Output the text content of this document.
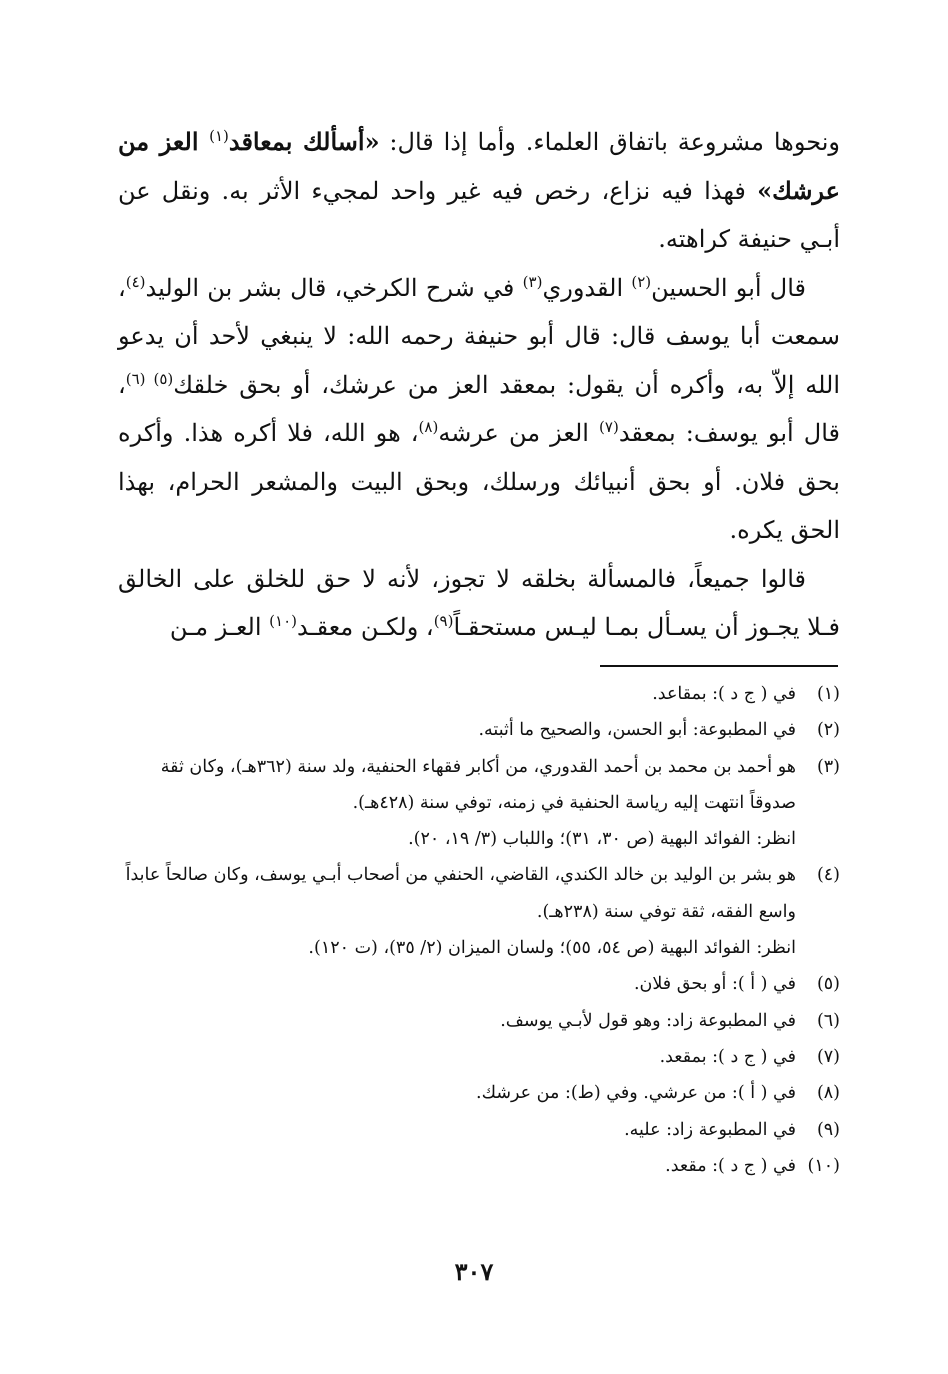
ونحوها مشروعة باتفاق العلماء. وأما إذا قال: «أسألك بمعاقد$^{(١)}$ العز من عرشك» فهذا فيه نزاع، رخص فيه غير واحد لمجيء الأثر به. ونقل عن أبـي حنيفة كراهته.

قال أبو الحسين$^{(٢)}$ القدوري$^{(٣)}$ في شرح الكرخي، قال بشر بن الوليد$^{(٤)}$، سمعت أبا يوسف قال: قال أبو حنيفة رحمه الله: لا ينبغي لأحد أن يدعو الله إلاّ به، وأكره أن يقول: بمعقد العز من عرشك، أو بحق خلقك$^{(٥)}$ $^{(٦)}$، قال أبو يوسف: بمعقد$^{(٧)}$ العز من عرشه$^{(٨)}$، هو الله، فلا أكره هذا. وأكره بحق فلان. أو بحق أنبيائك ورسلك، وبحق البيت والمشعر الحرام، بهذا الحق يكره.

قالوا جميعاً، فالمسألة بخلقه لا تجوز، لأنه لا حق للخلق على الخالق فـلا يجـوز أن يسـأل بمـا ليـس مستحقـاً$^{(٩)}$، ولكـن معقـد$^{(١٠)}$ العـز مـن

(١)
في ( ج د ): بمقاعد.
(٢)
في المطبوعة: أبو الحسن، والصحيح ما أثبته.
(٣)
هو أحمد بن محمد بن أحمد القدوري، من أكابر فقهاء الحنفية، ولد سنة (٣٦٢هـ)، وكان ثقة صدوقاً انتهت إليه رياسة الحنفية في زمنه، توفي سنة (٤٢٨هـ).
انظر: الفوائد البهية (ص ٣٠، ٣١)؛ واللباب (٣/ ١٩، ٢٠).
(٤)
هو بشر بن الوليد بن خالد الكندي، القاضي، الحنفي من أصحاب أبـي يوسف، وكان صالحاً عابداً واسع الفقه، ثقة توفي سنة (٢٣٨هـ).
انظر: الفوائد البهية (ص ٥٤، ٥٥)؛ ولسان الميزان (٢/ ٣٥)، (ت ١٢٠).
(٥)
في ( أ ): أو بحق فلان.
(٦)
في المطبوعة زاد: وهو قول لأبـي يوسف.
(٧)
في ( ج د ): بمقعد.
(٨)
في ( أ ): من عرشي. وفي (ط): من عرشك.
(٩)
في المطبوعة زاد: عليه.
(١٠)
في ( ج د ): مقعد.
٣٠٧
